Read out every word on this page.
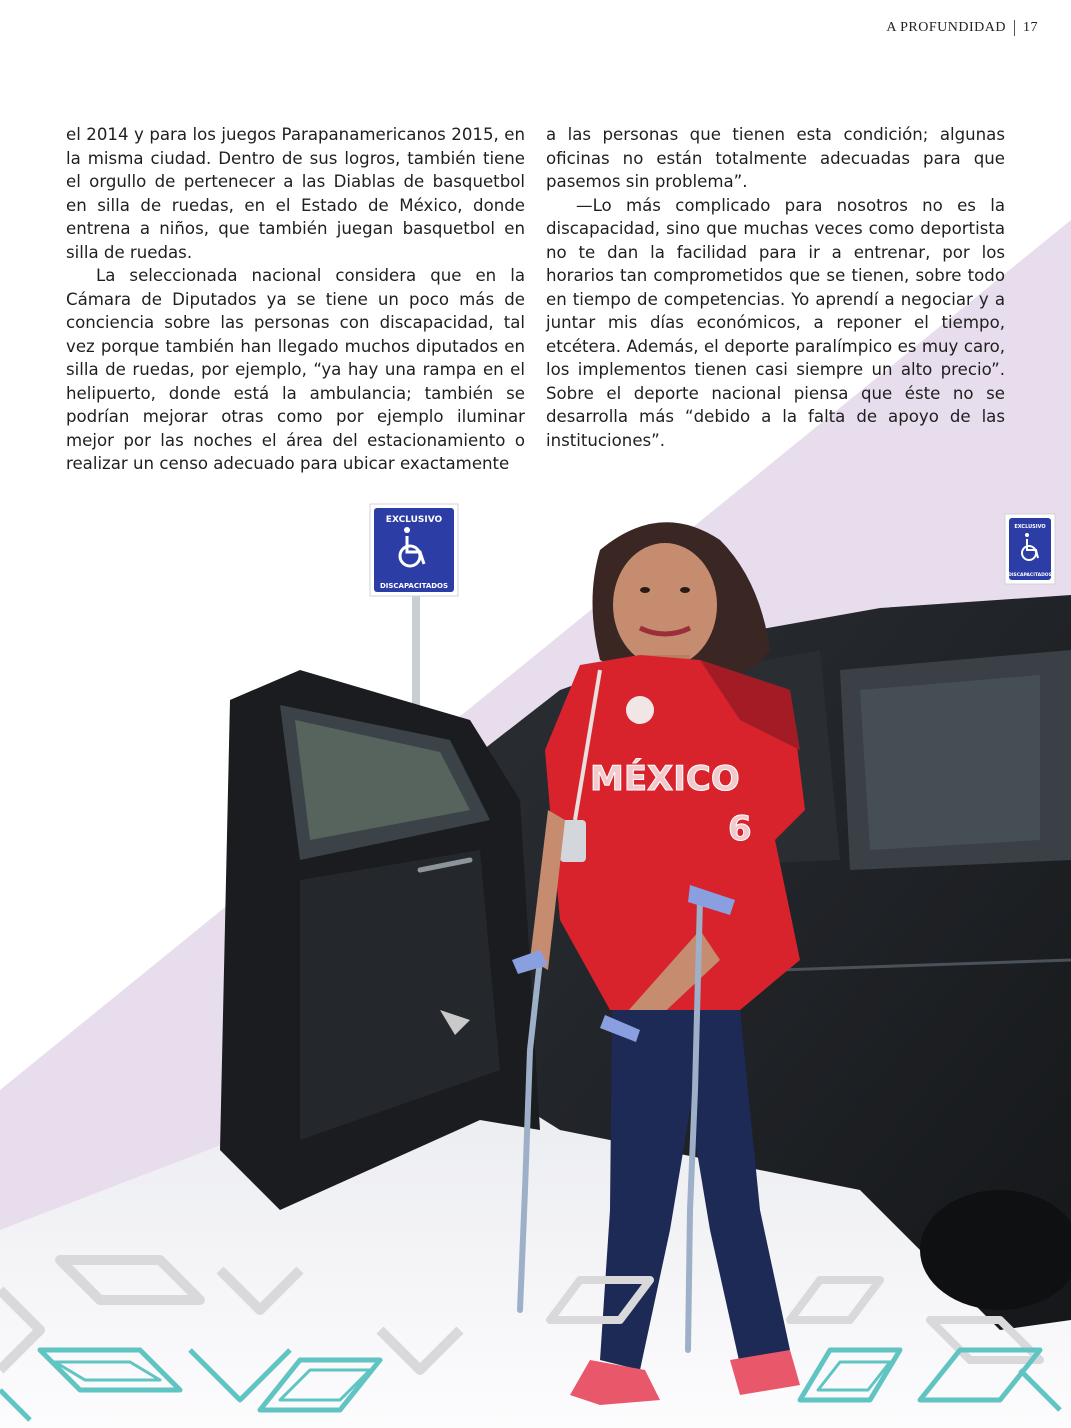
A PROFUNDIDAD 17

el 2014 y para los juegos Parapanamericanos 2015, en la misma ciudad. Dentro de sus logros, también tiene el orgullo de pertenecer a las Diablas de basquetbol en silla de ruedas, en el Estado de México, donde entrena a niños, que también juegan basquetbol en silla de ruedas.

La seleccionada nacional considera que en la Cámara de Diputados ya se tiene un poco más de conciencia sobre las personas con discapacidad, tal vez porque también han llegado muchos diputados en silla de ruedas, por ejemplo, “ya hay una rampa en el helipuerto, donde está la ambulancia; también se podrían mejorar otras como por ejemplo iluminar mejor por las noches el área del estacionamiento o realizar un censo adecuado para ubicar exactamente

a las personas que tienen esta condición; algunas oficinas no están totalmente adecuadas para que pasemos sin problema”.

—Lo más complicado para nosotros no es la discapacidad, sino que muchas veces como deportista no te dan la facilidad para ir a entrenar, por los horarios tan comprometidos que se tienen, sobre todo en tiempo de competencias. Yo aprendí a negociar y a juntar mis días económicos, a reponer el tiempo, etcétera. Además, el deporte paralímpico es muy caro, los implementos tienen casi siempre un alto precio”. Sobre el deporte nacional piensa que éste no se desarrolla más “debido a la falta de apoyo de las instituciones”.

EXCLUSIVO
DISCAPACITADOS
EXCLUSIVO
DISCAPACITADOS
MÉXICO
6
